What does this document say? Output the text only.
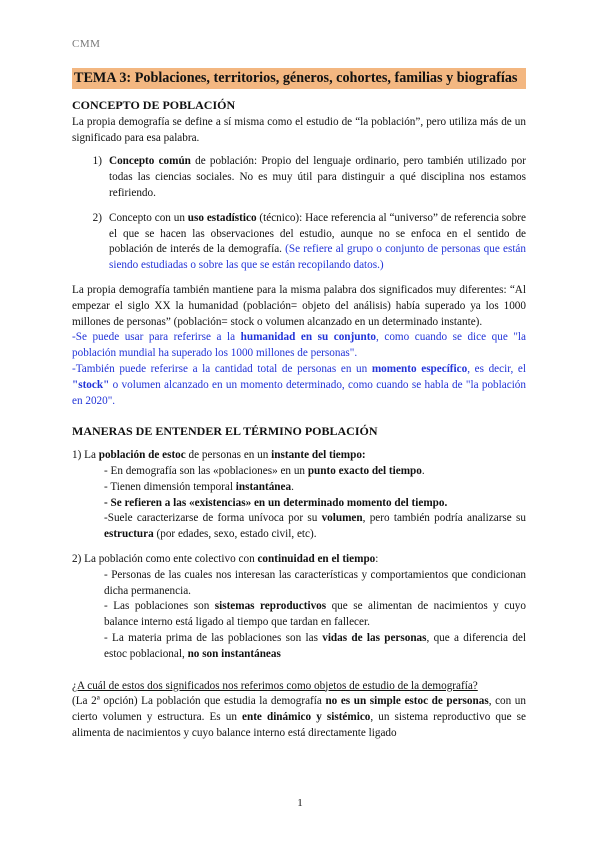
CMM
TEMA 3: Poblaciones, territorios, géneros, cohortes, familias y biografías
CONCEPTO DE POBLACIÓN

La propia demografía se define a sí misma como el estudio de “la población”, pero utiliza más de un significado para esa palabra.

1) Concepto común de población: Propio del lenguaje ordinario, pero también utilizado por todas las ciencias sociales. No es muy útil para distinguir a qué disciplina nos estamos refiriendo.
2) Concepto con un uso estadístico (técnico): Hace referencia al “universo” de referencia sobre el que se hacen las observaciones del estudio, aunque no se enfoca en el sentido de población de interés de la demografía. (Se refiere al grupo o conjunto de personas que están siendo estudiadas o sobre las que se están recopilando datos.)

La propia demografía también mantiene para la misma palabra dos significados muy diferentes: “Al empezar el siglo XX la humanidad (población= objeto del análisis) había superado ya los 1000 millones de personas” (población= stock o volumen alcanzado en un determinado instante).

-Se puede usar para referirse a la humanidad en su conjunto, como cuando se dice que "la población mundial ha superado los 1000 millones de personas".

-También puede referirse a la cantidad total de personas en un momento específico, es decir, el "stock" o volumen alcanzado en un momento determinado, como cuando se habla de "la población en 2020".

MANERAS DE ENTENDER EL TÉRMINO POBLACIÓN

1) La población de estoc de personas en un instante del tiempo:

- En demografía son las «poblaciones» en un punto exacto del tiempo.

- Tienen dimensión temporal instantánea.

- Se refieren a las «existencias» en un determinado momento del tiempo.

-Suele caracterizarse de forma unívoca por su volumen, pero también podría analizarse su estructura (por edades, sexo, estado civil, etc).

2) La población como ente colectivo con continuidad en el tiempo:

- Personas de las cuales nos interesan las características y comportamientos que condicionan dicha permanencia.

- Las poblaciones son sistemas reproductivos que se alimentan de nacimientos y cuyo balance interno está ligado al tiempo que tardan en fallecer.

- La materia prima de las poblaciones son las vidas de las personas, que a diferencia del estoc poblacional, no son instantáneas

¿A cuál de estos dos significados nos referimos como objetos de estudio de la demografía?

(La 2ª opción) La población que estudia la demografía no es un simple estoc de personas, con un cierto volumen y estructura. Es un ente dinámico y sistémico, un sistema reproductivo que se alimenta de nacimientos y cuyo balance interno está directamente ligado

1
